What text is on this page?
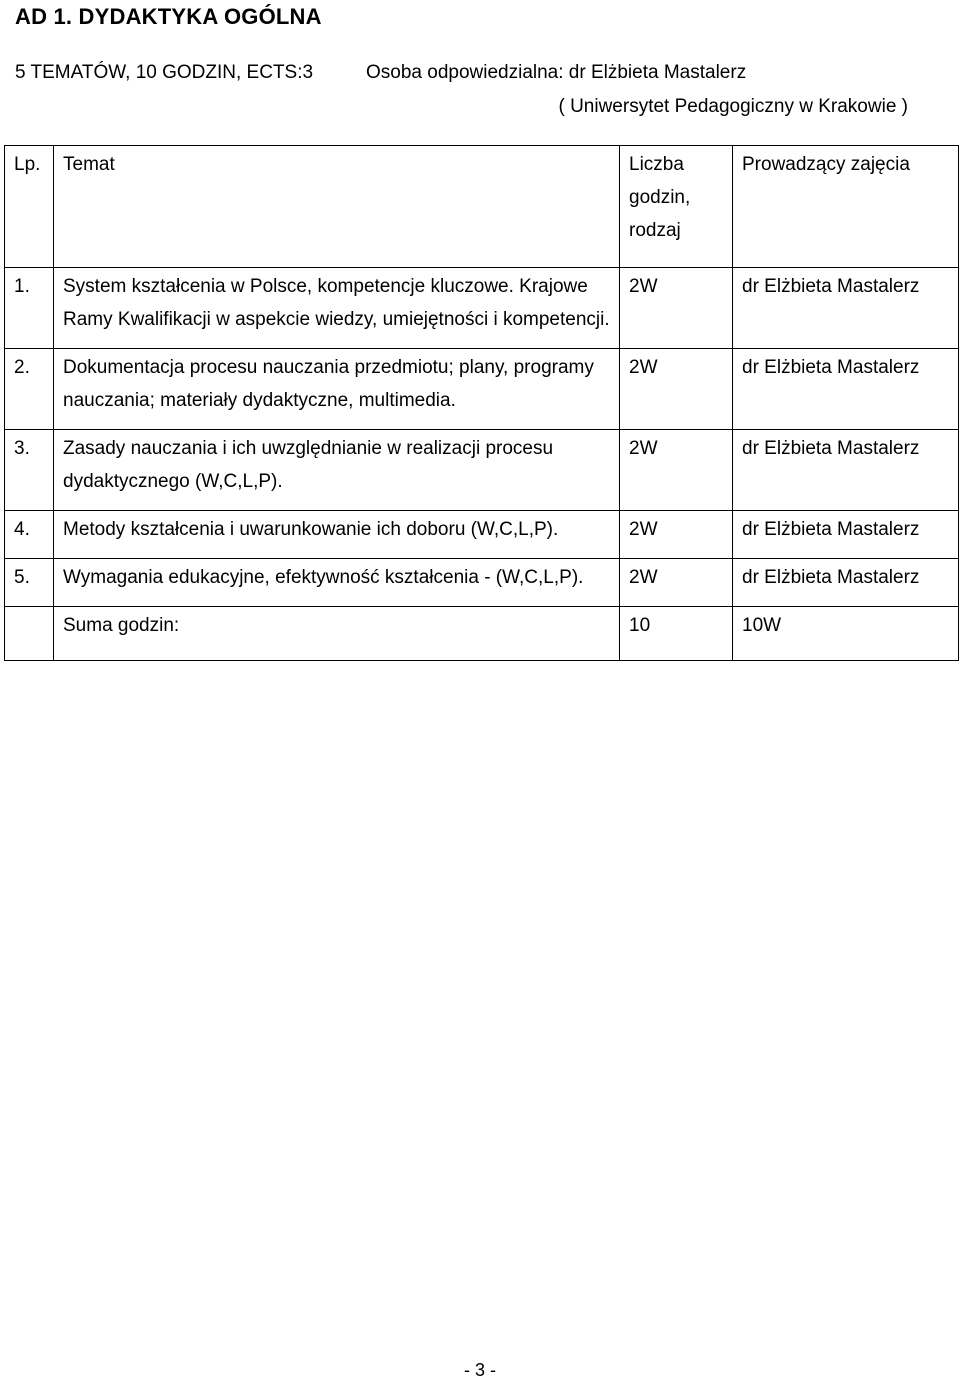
AD 1. DYDAKTYKA OGÓLNA
5 TEMATÓW, 10 GODZIN, ECTS:3	Osoba odpowiedzialna: dr Elżbieta Mastalerz
( Uniwersytet Pedagogiczny w Krakowie )
Lp.	Temat	Liczba godzin, rodzaj	Prowadzący zajęcia
1.	System kształcenia w Polsce, kompetencje kluczowe. Krajowe Ramy Kwalifikacji w aspekcie wiedzy, umiejętności i kompetencji.	2W	dr Elżbieta Mastalerz
2.	Dokumentacja procesu nauczania przedmiotu; plany, programy nauczania; materiały dydaktyczne, multimedia.	2W	dr Elżbieta Mastalerz
3.	Zasady nauczania i ich uwzględnianie w realizacji procesu dydaktycznego (W,C,L,P).	2W	dr Elżbieta Mastalerz
4.	Metody kształcenia i uwarunkowanie ich doboru (W,C,L,P).	2W	dr Elżbieta Mastalerz
5.	Wymagania edukacyjne, efektywność kształcenia - (W,C,L,P).	2W	dr Elżbieta Mastalerz
	Suma godzin:	10	10W
- 3 -
